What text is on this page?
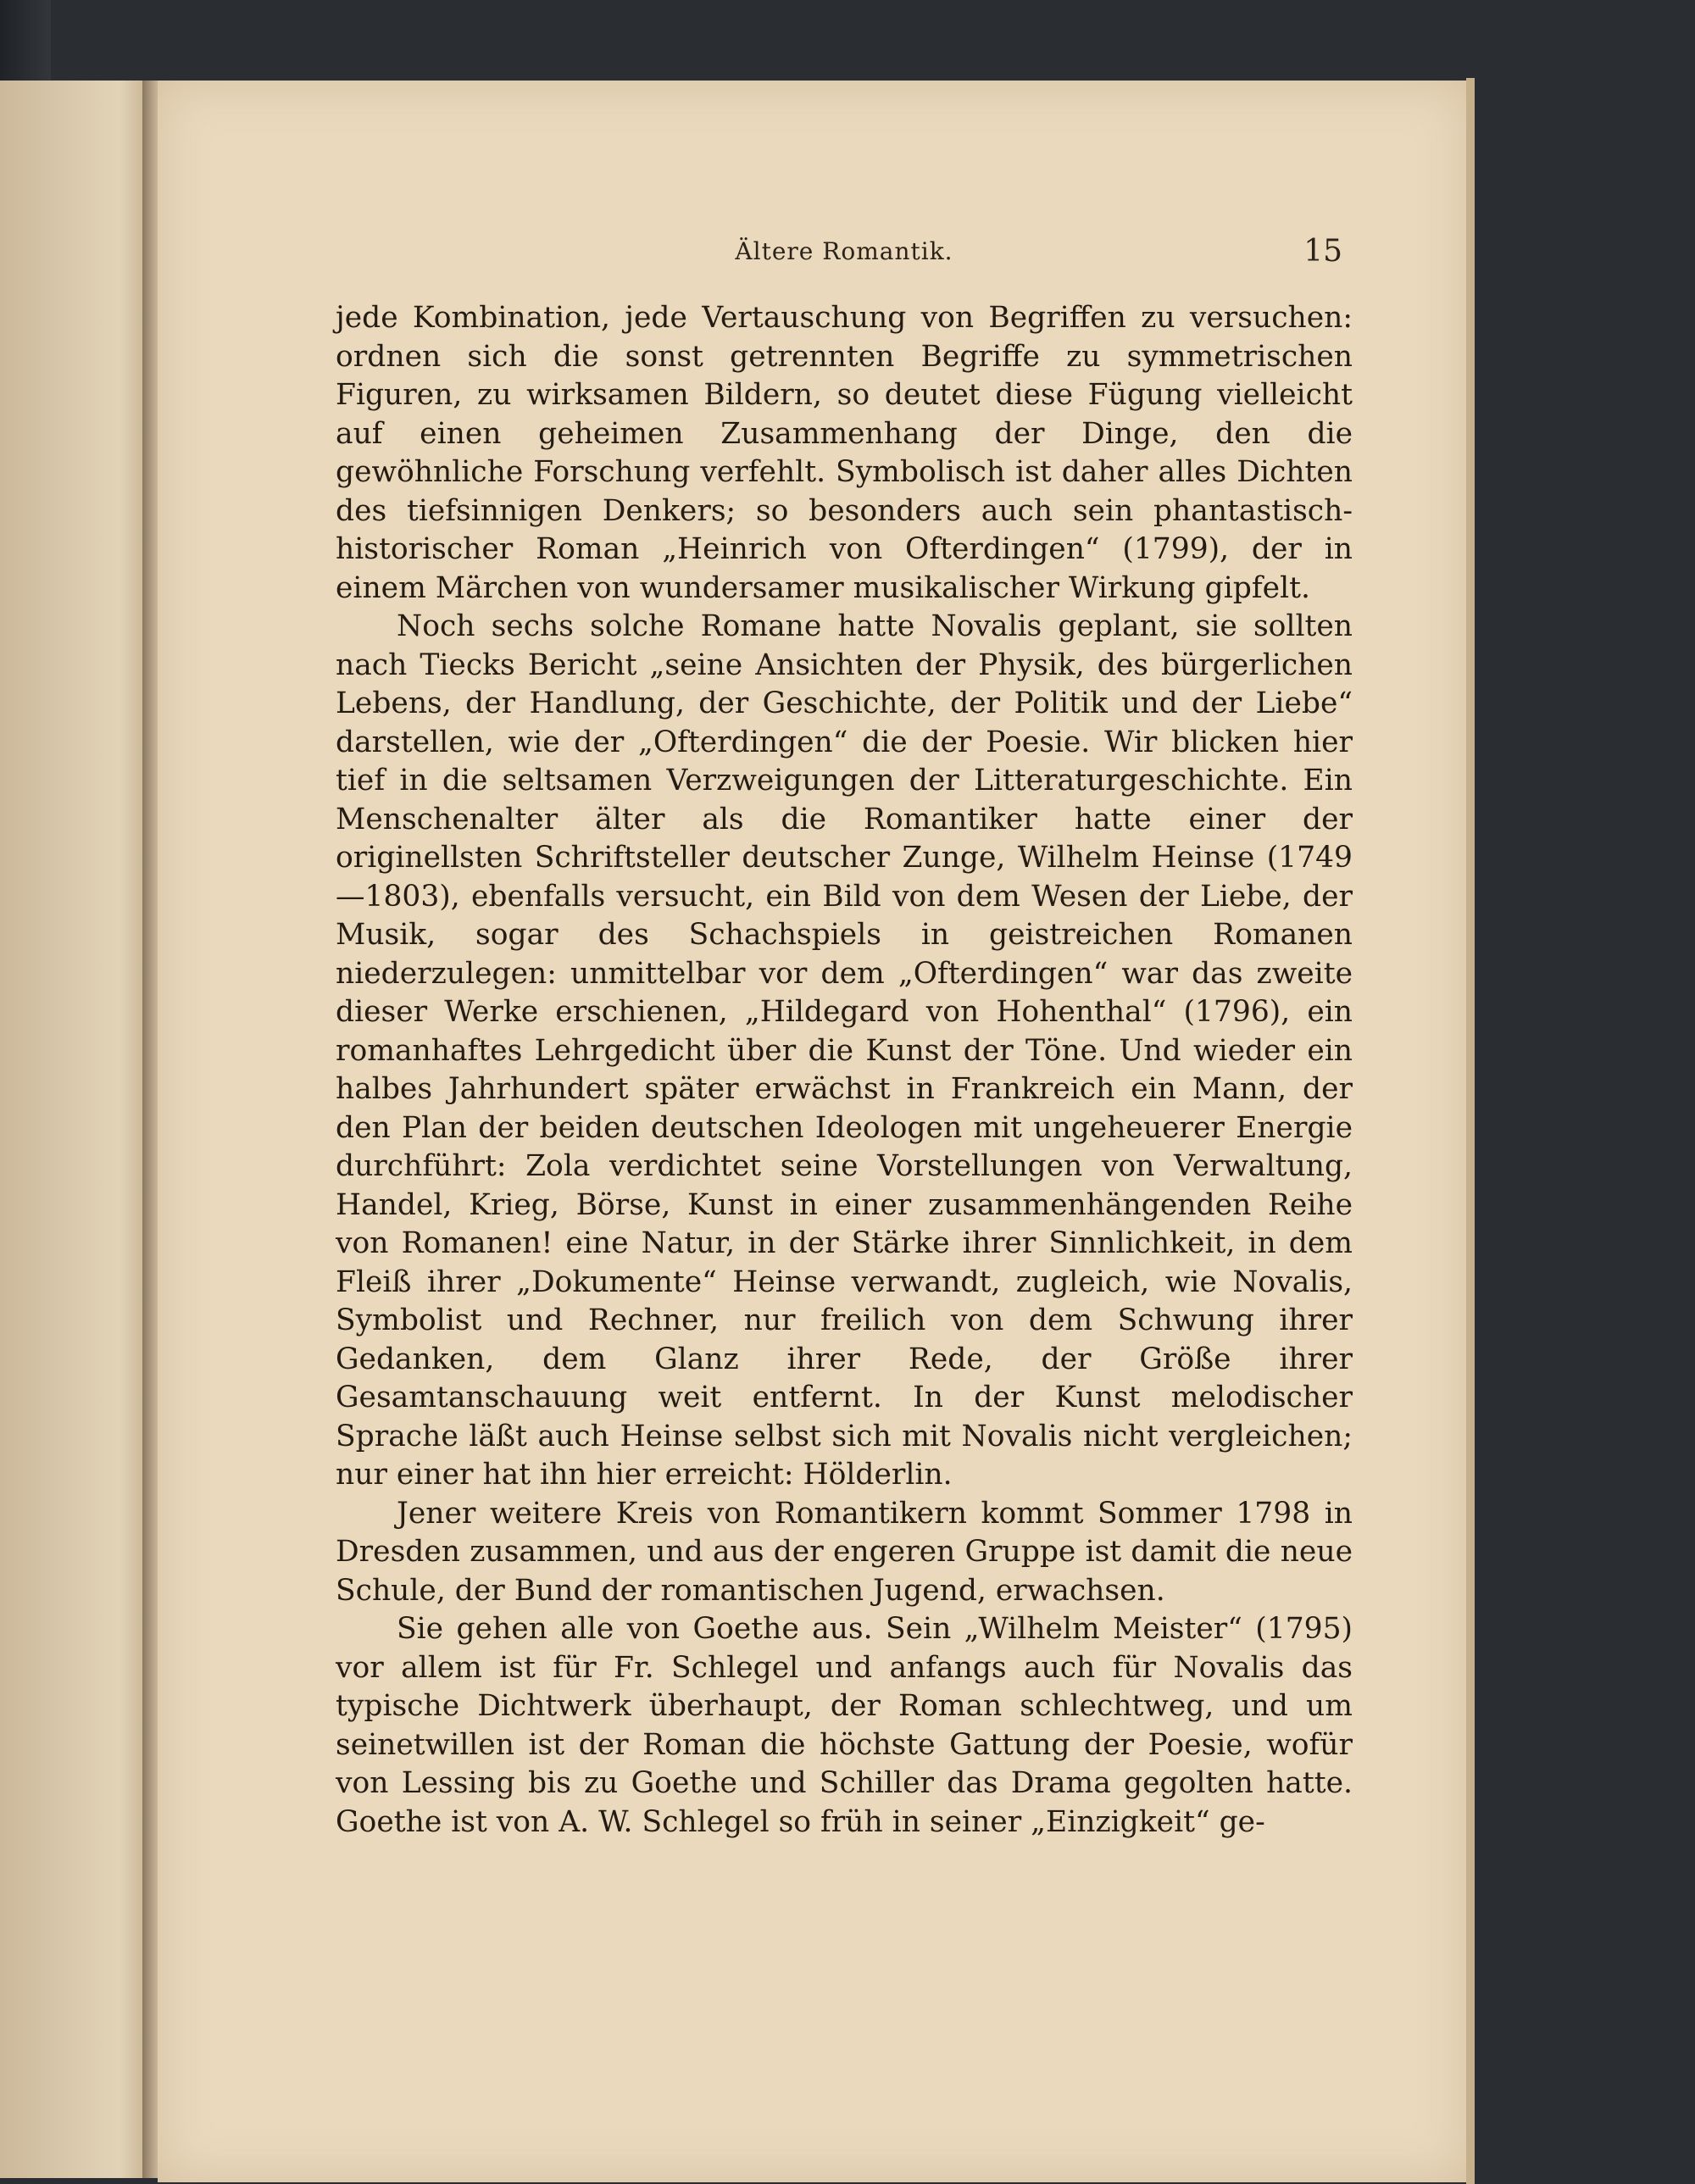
Ältere Romantik.	15

jede Kombination, jede Vertauschung von Begriffen zu versuchen: ordnen sich die sonst getrennten Begriffe zu symmetrischen Figuren, zu wirksamen Bildern, so deutet diese Fügung vielleicht auf einen geheimen Zusammenhang der Dinge, den die gewöhnliche Forschung verfehlt. Symbolisch ist daher alles Dichten des tiefsinnigen Denkers; so besonders auch sein phantastisch-historischer Roman „Heinrich von Ofterdingen“ (1799), der in einem Märchen von wundersamer musikalischer Wirkung gipfelt.

Noch sechs solche Romane hatte Novalis geplant, sie sollten nach Tiecks Bericht „seine Ansichten der Physik, des bürgerlichen Lebens, der Handlung, der Geschichte, der Politik und der Liebe“ darstellen, wie der „Ofterdingen“ die der Poesie. Wir blicken hier tief in die seltsamen Verzweigungen der Litteraturgeschichte. Ein Menschenalter älter als die Romantiker hatte einer der originellsten Schriftsteller deutscher Zunge, Wilhelm Heinse (1749—1803), ebenfalls versucht, ein Bild von dem Wesen der Liebe, der Musik, sogar des Schachspiels in geistreichen Romanen niederzulegen: unmittelbar vor dem „Ofterdingen“ war das zweite dieser Werke erschienen, „Hildegard von Hohenthal“ (1796), ein romanhaftes Lehrgedicht über die Kunst der Töne. Und wieder ein halbes Jahrhundert später erwächst in Frankreich ein Mann, der den Plan der beiden deutschen Ideologen mit ungeheuerer Energie durchführt: Zola verdichtet seine Vorstellungen von Verwaltung, Handel, Krieg, Börse, Kunst in einer zusammenhängenden Reihe von Romanen! eine Natur, in der Stärke ihrer Sinnlichkeit, in dem Fleiß ihrer „Dokumente“ Heinse verwandt, zugleich, wie Novalis, Symbolist und Rechner, nur freilich von dem Schwung ihrer Gedanken, dem Glanz ihrer Rede, der Größe ihrer Gesamtanschauung weit entfernt. In der Kunst melodischer Sprache läßt auch Heinse selbst sich mit Novalis nicht vergleichen; nur einer hat ihn hier erreicht: Hölderlin.

Jener weitere Kreis von Romantikern kommt Sommer 1798 in Dresden zusammen, und aus der engeren Gruppe ist damit die neue Schule, der Bund der romantischen Jugend, erwachsen.

Sie gehen alle von Goethe aus. Sein „Wilhelm Meister“ (1795) vor allem ist für Fr. Schlegel und anfangs auch für Novalis das typische Dichtwerk überhaupt, der Roman schlechtweg, und um seinetwillen ist der Roman die höchste Gattung der Poesie, wofür von Lessing bis zu Goethe und Schiller das Drama gegolten hatte. Goethe ist von A. W. Schlegel so früh in seiner „Einzigkeit“ ge-
